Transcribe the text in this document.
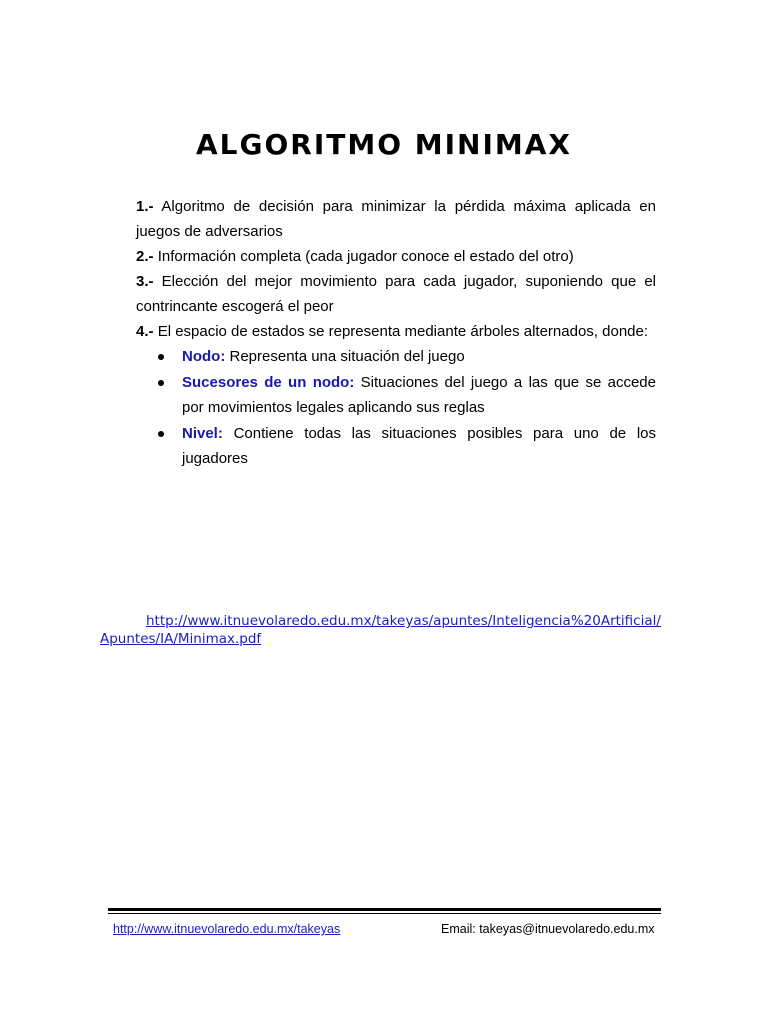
ALGORITMO MINIMAX

1.- Algoritmo de decisión para minimizar la pérdida máxima aplicada en juegos de adversarios

2.- Información completa (cada jugador conoce el estado del otro)

3.- Elección del mejor movimiento para cada jugador, suponiendo que el contrincante escogerá el peor

4.- El espacio de estados se representa mediante árboles alternados, donde:

Nodo: Representa una situación del juego
Sucesores de un nodo: Situaciones del juego a las que se accede por movimientos legales aplicando sus reglas
Nivel: Contiene todas las situaciones posibles para uno de los jugadores
http://www.itnuevolaredo.edu.mx/takeyas/apuntes/Inteligencia%20Artificial/Apuntes/IA/Minimax.pdf
http://www.itnuevolaredo.edu.mx/takeyas	Email: takeyas@itnuevolaredo.edu.mx
